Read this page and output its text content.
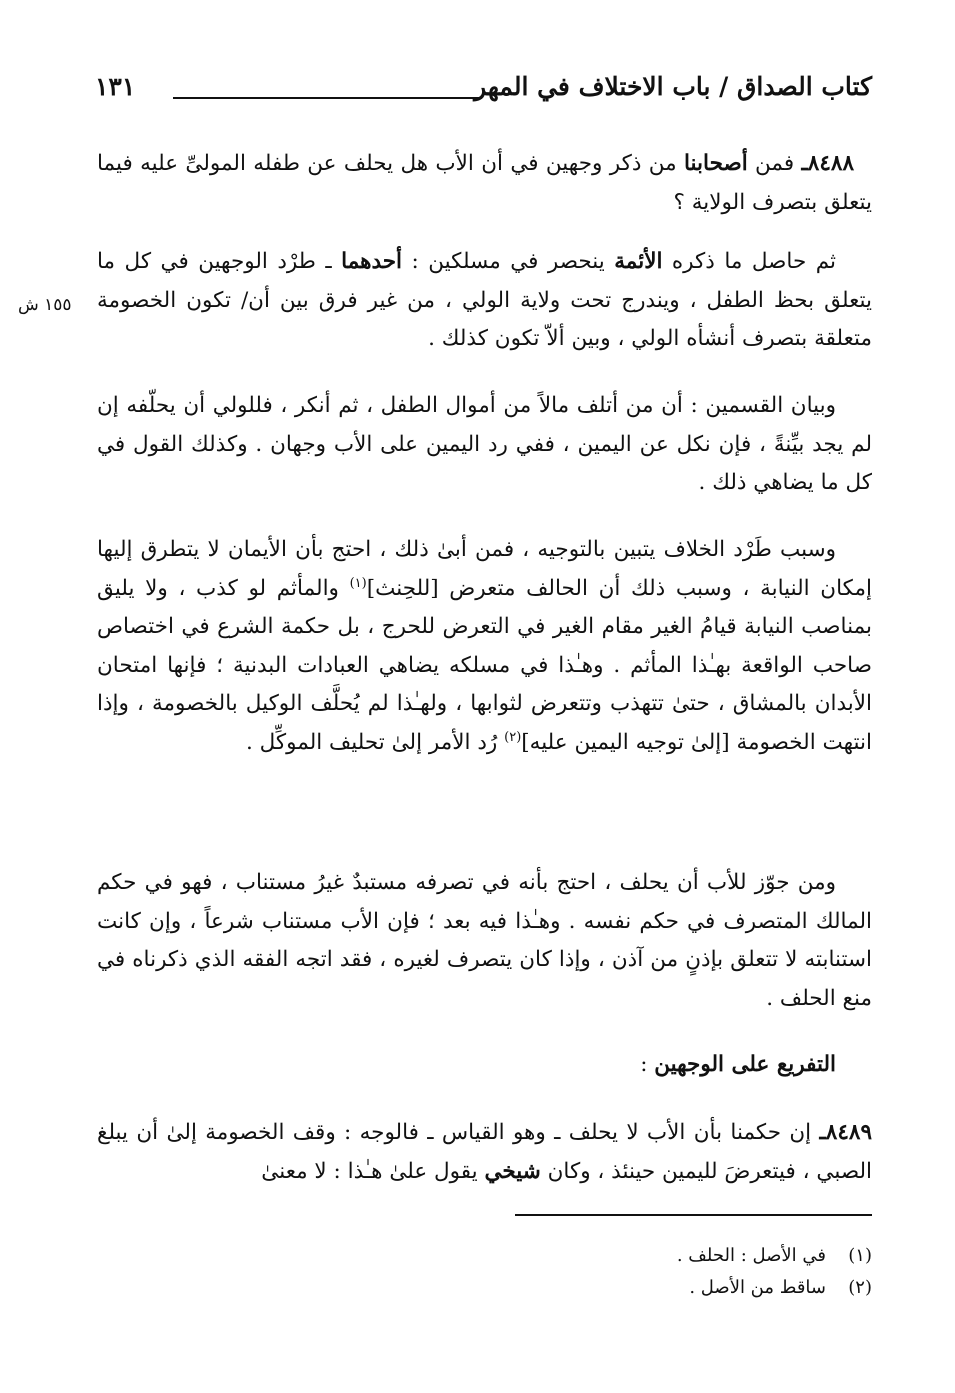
كتاب الصداق / باب الاختلاف في المهر
١٣١
٨٤٨٨ـ فمن أصحابنا من ذكر وجهين في أن الأب هل يحلف عن طفله المولىِّ عليه فيما يتعلق بتصرف الولاية ؟
ثم حاصل ما ذكره الأئمة ينحصر في مسلكين : أحدهما ـ طرْد الوجهين في كل ما يتعلق بحظ الطفل ، ويندرج تحت ولاية الولي ، من غير فرق بين أن/ تكون الخصومة متعلقة بتصرف أنشأه الولي ، وبين ألاّ تكون كذلك .
١٥٥ ش
وبيان القسمين : أن من أتلف مالاً من أموال الطفل ، ثم أنكر ، فللولي أن يحلّفه إن لم يجد بيِّنةً ، فإن نكل عن اليمين ، ففي رد اليمين على الأب وجهان . وكذلك القول في كل ما يضاهي ذلك .
وسبب طَرْد الخلاف يتبين بالتوجيه ، فمن أبىٰ ذلك ، احتج بأن الأيمان لا يتطرق إليها إمكان النيابة ، وسبب ذلك أن الحالف متعرض [للحِنث]$^{(١)}$ والمأثم لو كذب ، ولا يليق بمناصب النيابة قيامُ الغير مقام الغير في التعرض للحرج ، بل حكمة الشرع في اختصاص صاحب الواقعة بهـٰذا المأثم . وهـٰذا في مسلكه يضاهي العبادات البدنية ؛ فإنها امتحان الأبدان بالمشاق ، حتىٰ تتهذب وتتعرض لثوابها ، ولهـٰذا لم يُحلَّف الوكيل بالخصومة ، وإذا انتهت الخصومة [إلىٰ توجيه اليمين عليه]$^{(٢)}$ رُد الأمر إلىٰ تحليف الموكِّل .
ومن جوّز للأب أن يحلف ، احتج بأنه في تصرفه مستبدٌ غيرُ مستناب ، فهو في حكم المالك المتصرف في حكم نفسه . وهـٰذا فيه بعد ؛ فإن الأب مستناب شرعاً ، وإن كانت استنابته لا تتعلق بإذنٍ من آذن ، وإذا كان يتصرف لغيره ، فقد اتجه الفقه الذي ذكرناه في منع الحلف .
التفريع على الوجهين :
٨٤٨٩ـ إن حكمنا بأن الأب لا يحلف ـ وهو القياس ـ فالوجه : وقف الخصومة إلىٰ أن يبلغ الصبي ، فيتعرضَ لليمين حينئذ ، وكان شيخي يقول علىٰ هـٰذا : لا معنىٰ
(١)في الأصل : الحلف .
(٢)ساقط من الأصل .
